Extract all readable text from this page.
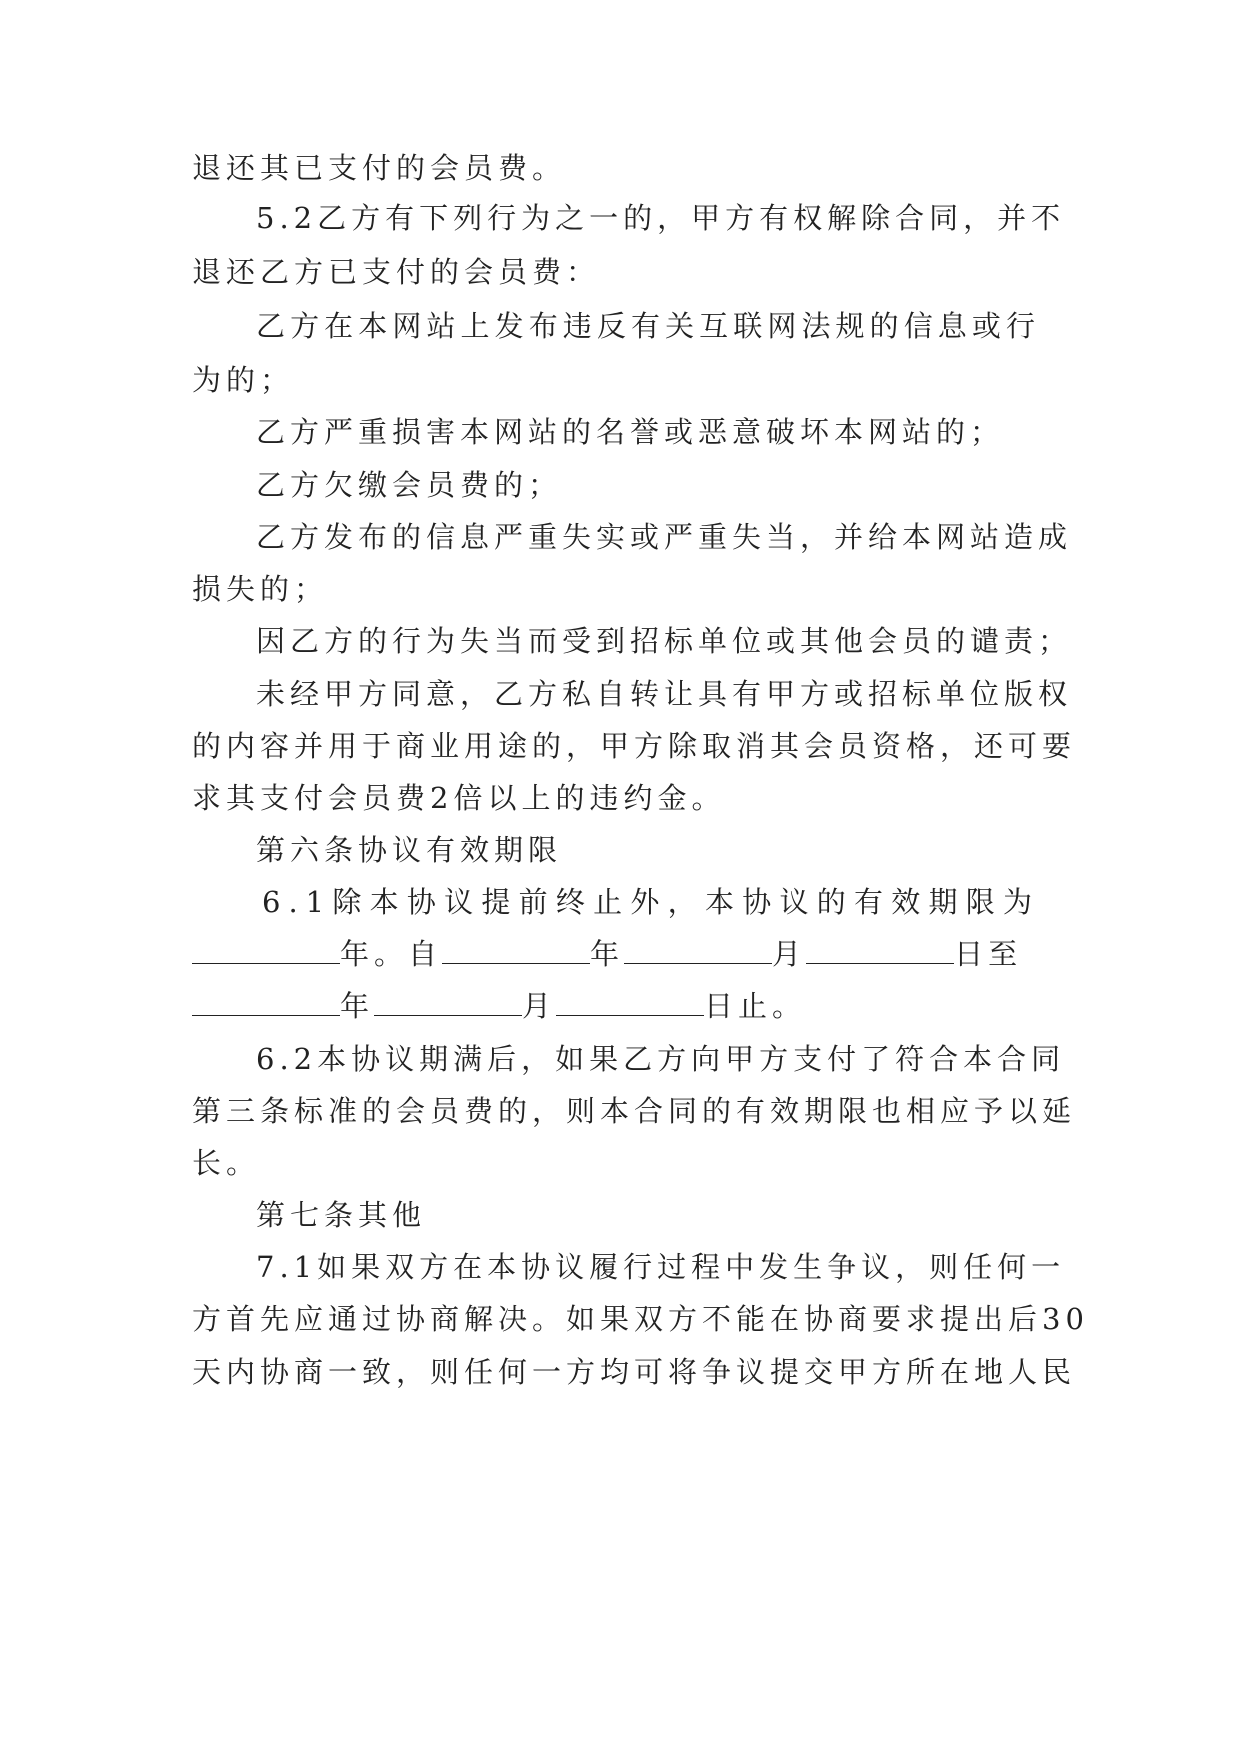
退还其已支付的会员费。
5.2乙方有下列行为之一的，甲方有权解除合同，并不
退还乙方已支付的会员费：
乙方在本网站上发布违反有关互联网法规的信息或行
为的；
乙方严重损害本网站的名誉或恶意破坏本网站的；
乙方欠缴会员费的；
乙方发布的信息严重失实或严重失当，并给本网站造成
损失的；
因乙方的行为失当而受到招标单位或其他会员的谴责；
未经甲方同意，乙方私自转让具有甲方或招标单位版权
的内容并用于商业用途的，甲方除取消其会员资格，还可要
求其支付会员费2倍以上的违约金。
第六条协议有效期限
6.1除本协议提前终止外，本协议的有效期限为
年。自	年	月	日至
年	月	日止。
6.2本协议期满后，如果乙方向甲方支付了符合本合同
第三条标准的会员费的，则本合同的有效期限也相应予以延
长。
第七条其他
7.1如果双方在本协议履行过程中发生争议，则任何一
方首先应通过协商解决。如果双方不能在协商要求提出后30
天内协商一致，则任何一方均可将争议提交甲方所在地人民
